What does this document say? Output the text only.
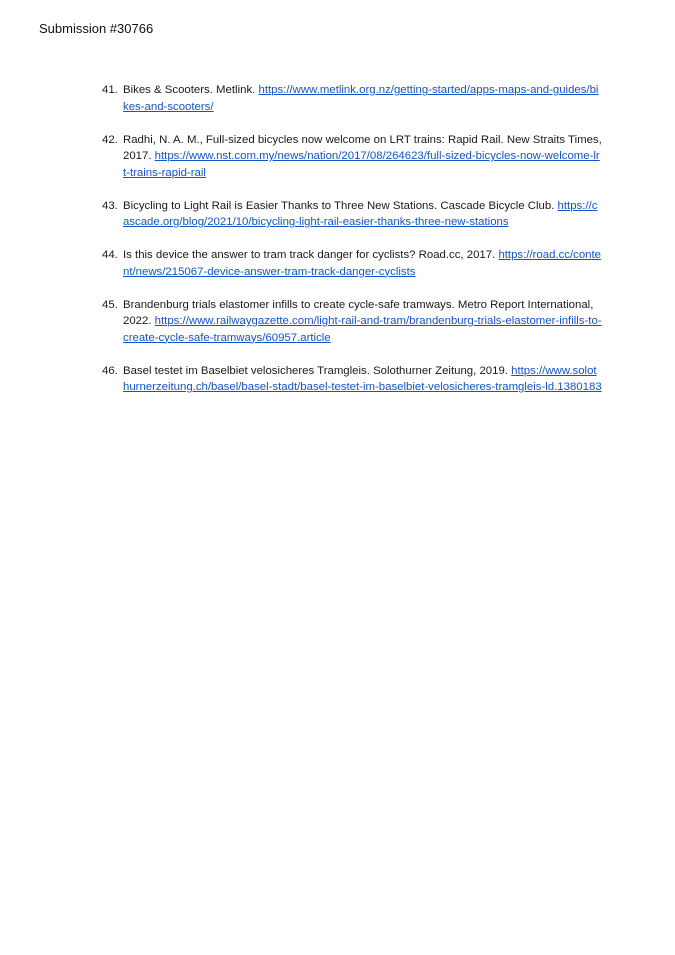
Submission #30766
41. Bikes & Scooters. Metlink. https://www.metlink.org.nz/getting-started/apps-maps-and-guides/bikes-and-scooters/
42. Radhi, N. A. M., Full-sized bicycles now welcome on LRT trains: Rapid Rail. New Straits Times, 2017. https://www.nst.com.my/news/nation/2017/08/264623/full-sized-bicycles-now-welcome-lrt-trains-rapid-rail
43. Bicycling to Light Rail is Easier Thanks to Three New Stations. Cascade Bicycle Club. https://cascade.org/blog/2021/10/bicycling-light-rail-easier-thanks-three-new-stations
44. Is this device the answer to tram track danger for cyclists? Road.cc, 2017. https://road.cc/content/news/215067-device-answer-tram-track-danger-cyclists
45. Brandenburg trials elastomer infills to create cycle-safe tramways. Metro Report International, 2022. https://www.railwaygazette.com/light-rail-and-tram/brandenburg-trials-elastomer-infills-to-create-cycle-safe-tramways/60957.article
46. Basel testet im Baselbiet velosicheres Tramgleis. Solothurner Zeitung, 2019. https://www.solothurnerzeitung.ch/basel/basel-stadt/basel-testet-im-baselbiet-velosicheres-tramgleis-ld.1380183
